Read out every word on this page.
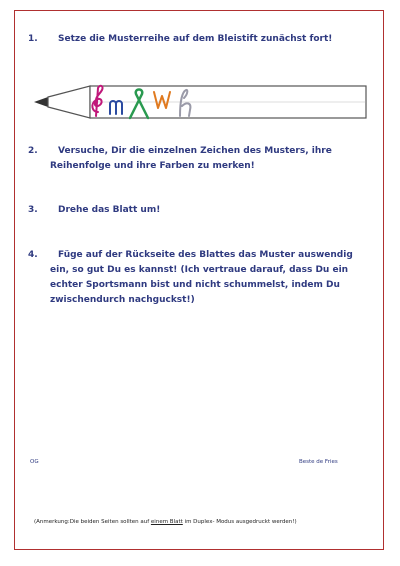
1.	Setze die Musterreihe auf dem Bleistift zunächst fort!
2.	Versuche, Dir die einzelnen Zeichen des Musters, ihre
Reihenfolge und ihre Farben zu merken!
3.	Drehe das Blatt um!
4.	Füge auf der Rückseite des Blattes das Muster auswendig
ein, so gut Du es kannst! (Ich vertraue darauf, dass Du ein
echter Sportsmann bist und nicht schummelst, indem Du
zwischendurch nachguckst!)
OG	Beste de Fries
(Anmerkung:Die beiden Seiten sollten auf einem Blatt im Duplex- Modus ausgedruckt werden!)
